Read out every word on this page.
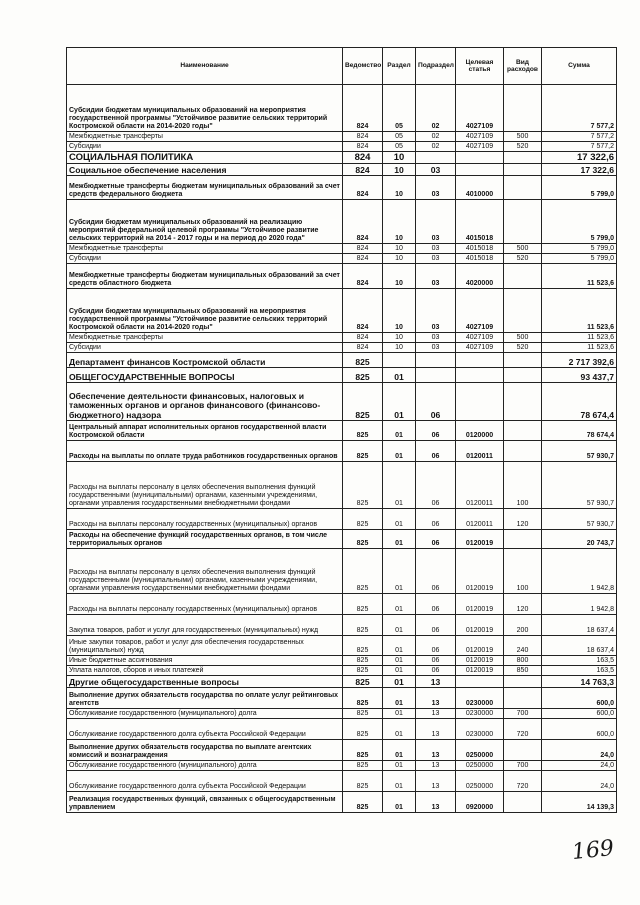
Наименование	Ведомство	Раздел	Подраздел	Целевая статья	Вид расходов	Сумма
Субсидии бюджетам муниципальных образований на мероприятия государственной программы "Устойчивое развитие сельских территорий Костромской области на 2014-2020 годы"	824	05	02	4027109		7 577,2
Межбюджетные трансферты	824	05	02	4027109	500	7 577,2
Субсидии	824	05	02	4027109	520	7 577,2
СОЦИАЛЬНАЯ ПОЛИТИКА	824	10				17 322,6
Социальное обеспечение населения	824	10	03			17 322,6
Межбюджетные трансферты бюджетам муниципальных образований за счет средств федерального бюджета	824	10	03	4010000		5 799,0
Субсидии бюджетам муниципальных образований на реализацию мероприятий федеральной целевой программы "Устойчивое развитие сельских территорий на 2014 - 2017 годы и на период до 2020 года"	824	10	03	4015018		5 799,0
Межбюджетные трансферты	824	10	03	4015018	500	5 799,0
Субсидии	824	10	03	4015018	520	5 799,0
Межбюджетные трансферты бюджетам муниципальных образований за счет средств областного бюджета	824	10	03	4020000		11 523,6
Субсидии бюджетам муниципальных образований на мероприятия государственной программы "Устойчивое развитие сельских территорий Костромской области на 2014-2020 годы"	824	10	03	4027109		11 523,6
Межбюджетные трансферты	824	10	03	4027109	500	11 523,6
Субсидии	824	10	03	4027109	520	11 523,6
Департамент финансов Костромской области	825					2 717 392,6
ОБЩЕГОСУДАРСТВЕННЫЕ ВОПРОСЫ	825	01				93 437,7
Обеспечение деятельности финансовых, налоговых и таможенных органов и органов финансового (финансово-бюджетного) надзора	825	01	06			78 674,4
Центральный аппарат исполнительных органов государственной власти Костромской области	825	01	06	0120000		78 674,4
Расходы на выплаты по оплате труда работников государственных органов	825	01	06	0120011		57 930,7
Расходы на выплаты персоналу в целях обеспечения выполнения функций государственными (муниципальными) органами, казенными учреждениями, органами управления государственными внебюджетными фондами	825	01	06	0120011	100	57 930,7
Расходы на выплаты персоналу государственных (муниципальных) органов	825	01	06	0120011	120	57 930,7
Расходы на обеспечение функций государственных органов, в том числе территориальных органов	825	01	06	0120019		20 743,7
Расходы на выплаты персоналу в целях обеспечения выполнения функций государственными (муниципальными) органами, казенными учреждениями, органами управления государственными внебюджетными фондами	825	01	06	0120019	100	1 942,8
Расходы на выплаты персоналу государственных (муниципальных) органов	825	01	06	0120019	120	1 942,8
Закупка товаров, работ и услуг для государственных (муниципальных) нужд	825	01	06	0120019	200	18 637,4
Иные закупки товаров, работ и услуг для обеспечения государственных (муниципальных) нужд	825	01	06	0120019	240	18 637,4
Иные бюджетные ассигнования	825	01	06	0120019	800	163,5
Уплата налогов, сборов и иных платежей	825	01	06	0120019	850	163,5
Другие общегосударственные вопросы	825	01	13			14 763,3
Выполнение других обязательств государства по оплате услуг рейтинговых агентств	825	01	13	0230000		600,0
Обслуживание государственного (муниципального) долга	825	01	13	0230000	700	600,0
Обслуживание государственного долга субъекта Российской Федерации	825	01	13	0230000	720	600,0
Выполнение других обязательств государства по выплате агентских комиссий и вознаграждения	825	01	13	0250000		24,0
Обслуживание государственного (муниципального) долга	825	01	13	0250000	700	24,0
Обслуживание государственного долга субъекта Российской Федерации	825	01	13	0250000	720	24,0
Реализация государственных функций, связанных с общегосударственным управлением	825	01	13	0920000		14 139,3
169
